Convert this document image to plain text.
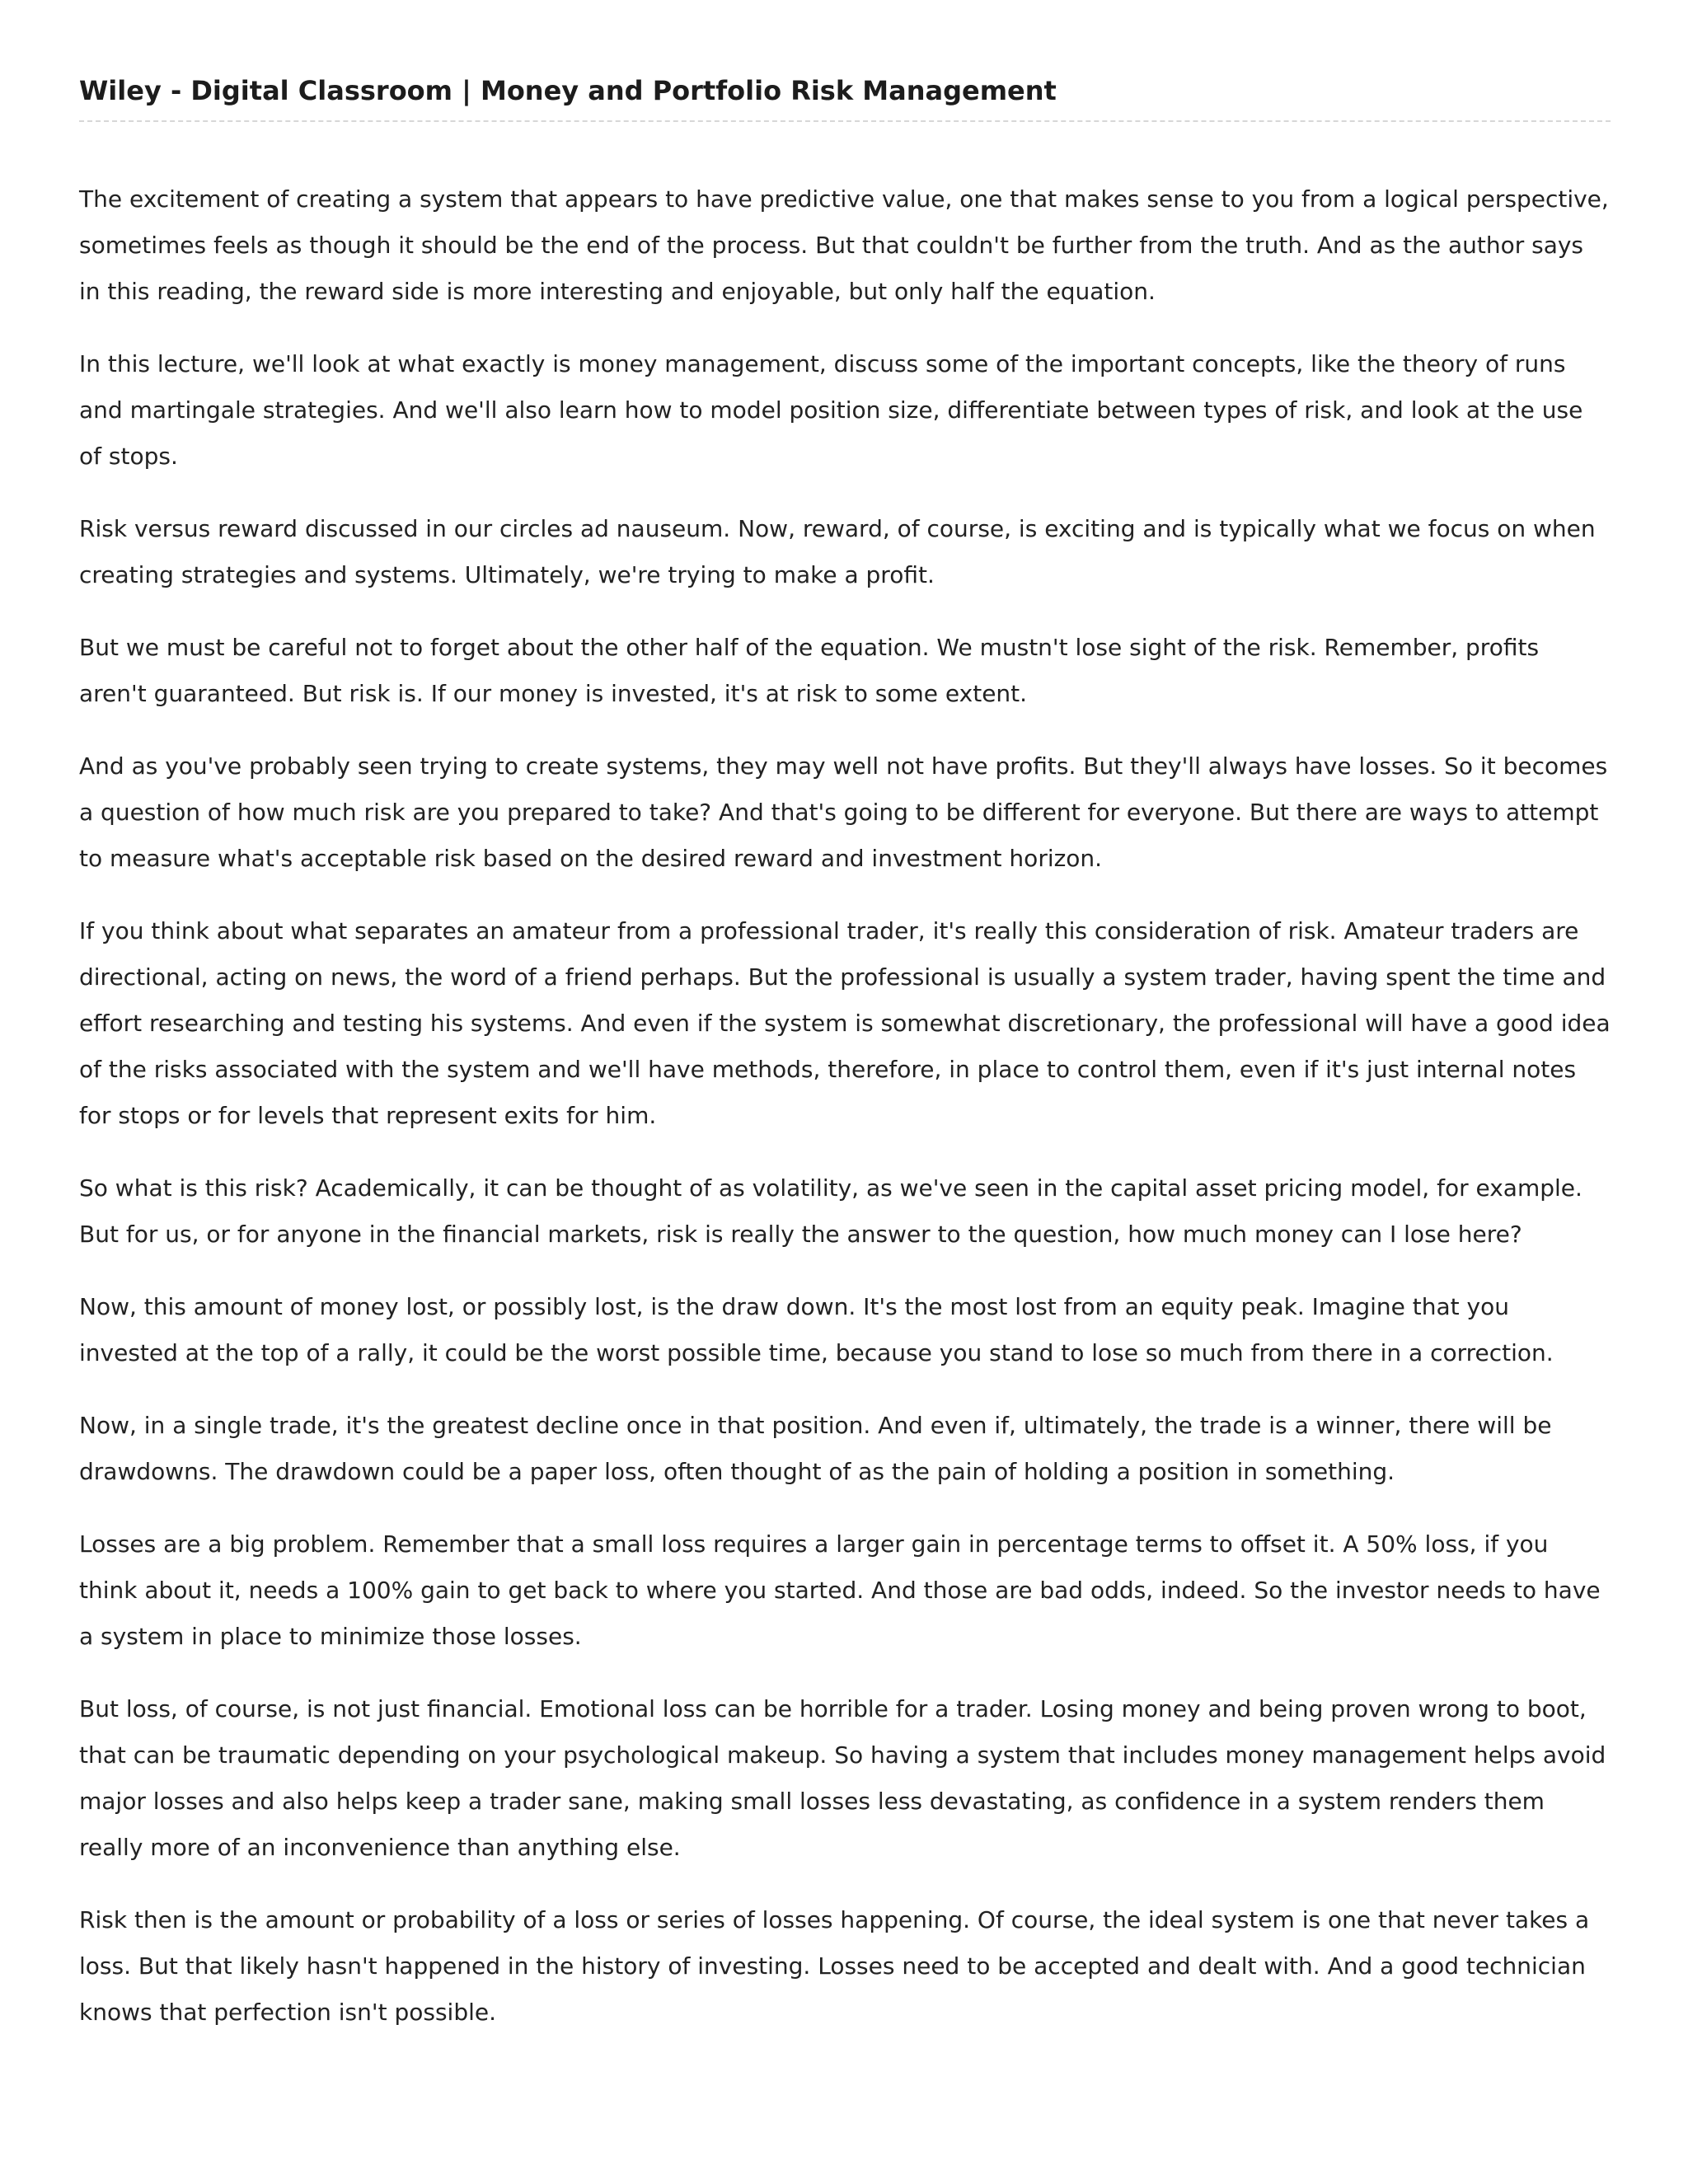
Wiley - Digital Classroom | Money and Portfolio Risk Management

The excitement of creating a system that appears to have predictive value, one that makes sense to you from a logical perspective, sometimes feels as though it should be the end of the process. But that couldn't be further from the truth. And as the author says in this reading, the reward side is more interesting and enjoyable, but only half the equation.

In this lecture, we'll look at what exactly is money management, discuss some of the important concepts, like the theory of runs and martingale strategies. And we'll also learn how to model position size, differentiate between types of risk, and look at the use of stops.

Risk versus reward discussed in our circles ad nauseum. Now, reward, of course, is exciting and is typically what we focus on when creating strategies and systems. Ultimately, we're trying to make a profit.

But we must be careful not to forget about the other half of the equation. We mustn't lose sight of the risk. Remember, profits aren't guaranteed. But risk is. If our money is invested, it's at risk to some extent.

And as you've probably seen trying to create systems, they may well not have profits. But they'll always have losses. So it becomes a question of how much risk are you prepared to take? And that's going to be different for everyone. But there are ways to attempt to measure what's acceptable risk based on the desired reward and investment horizon.

If you think about what separates an amateur from a professional trader, it's really this consideration of risk. Amateur traders are directional, acting on news, the word of a friend perhaps. But the professional is usually a system trader, having spent the time and effort researching and testing his systems. And even if the system is somewhat discretionary, the professional will have a good idea of the risks associated with the system and we'll have methods, therefore, in place to control them, even if it's just internal notes for stops or for levels that represent exits for him.

So what is this risk? Academically, it can be thought of as volatility, as we've seen in the capital asset pricing model, for example. But for us, or for anyone in the financial markets, risk is really the answer to the question, how much money can I lose here?

Now, this amount of money lost, or possibly lost, is the draw down. It's the most lost from an equity peak. Imagine that you invested at the top of a rally, it could be the worst possible time, because you stand to lose so much from there in a correction.

Now, in a single trade, it's the greatest decline once in that position. And even if, ultimately, the trade is a winner, there will be drawdowns. The drawdown could be a paper loss, often thought of as the pain of holding a position in something.

Losses are a big problem. Remember that a small loss requires a larger gain in percentage terms to offset it. A 50% loss, if you think about it, needs a 100% gain to get back to where you started. And those are bad odds, indeed. So the investor needs to have a system in place to minimize those losses.

But loss, of course, is not just financial. Emotional loss can be horrible for a trader. Losing money and being proven wrong to boot, that can be traumatic depending on your psychological makeup. So having a system that includes money management helps avoid major losses and also helps keep a trader sane, making small losses less devastating, as confidence in a system renders them really more of an inconvenience than anything else.

Risk then is the amount or probability of a loss or series of losses happening. Of course, the ideal system is one that never takes a loss. But that likely hasn't happened in the history of investing. Losses need to be accepted and dealt with. And a good technician knows that perfection isn't possible.
